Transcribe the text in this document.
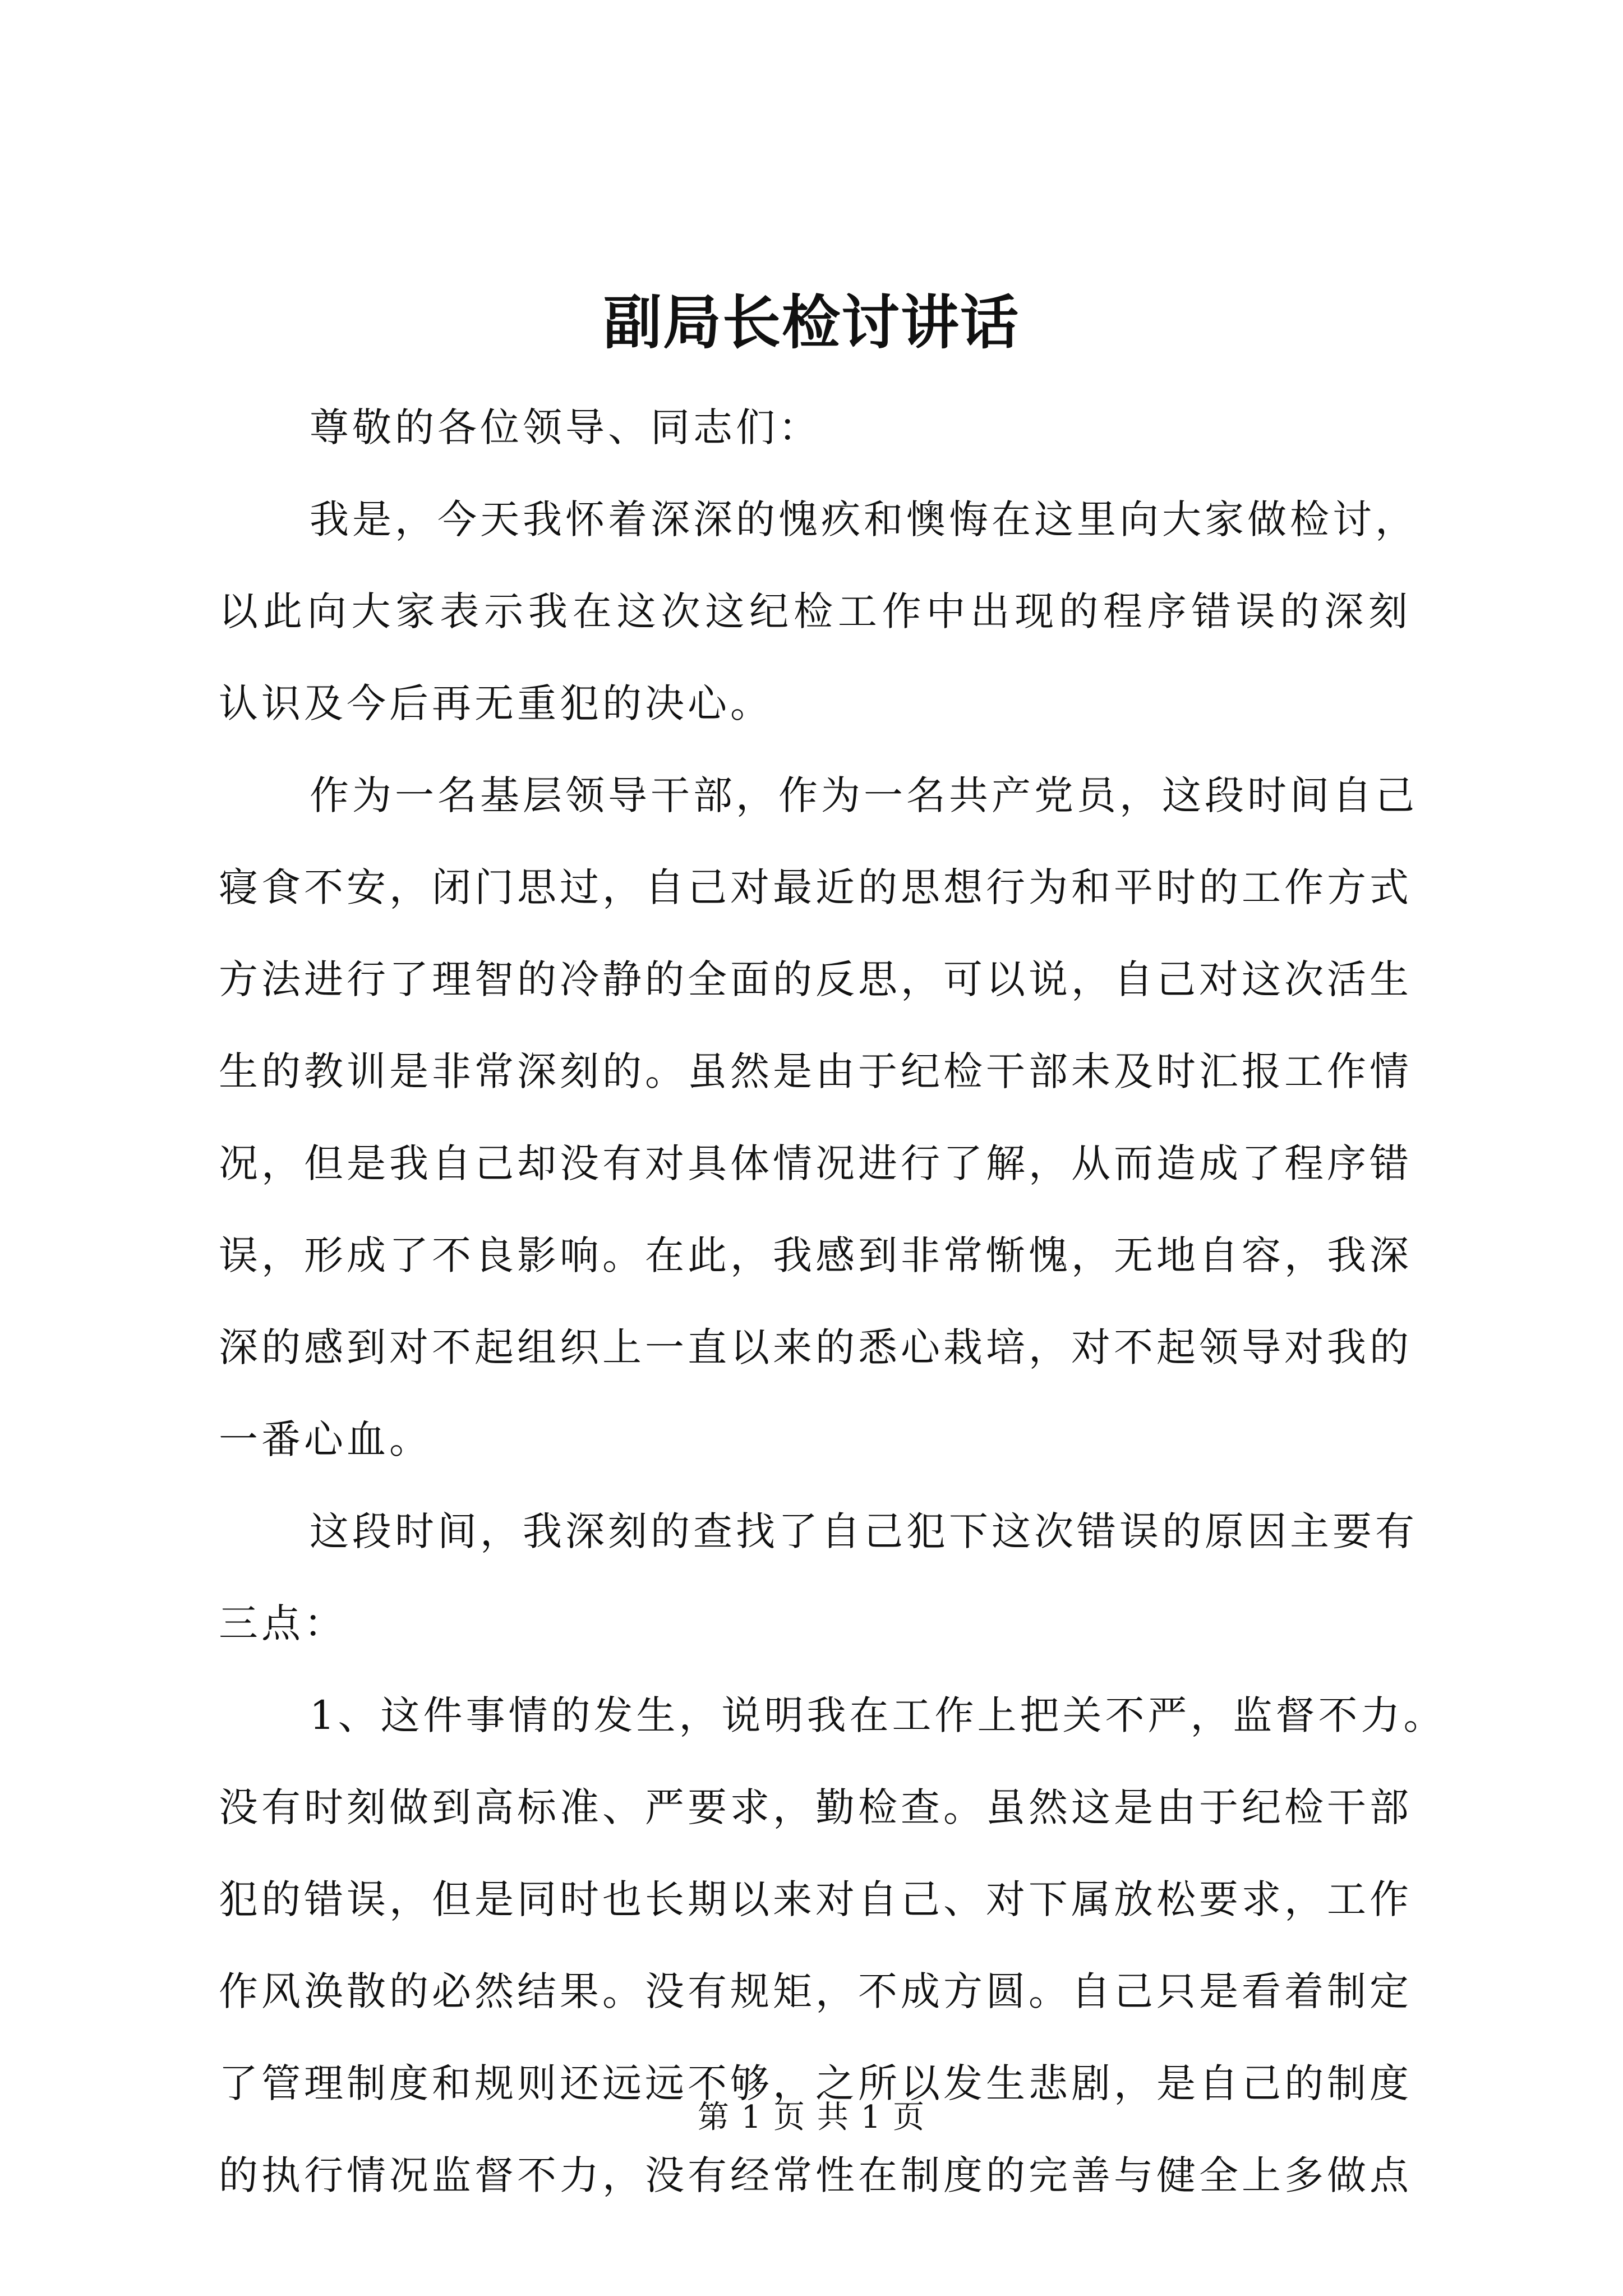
副局长检讨讲话
尊敬的各位领导、同志们：
我是，今天我怀着深深的愧疚和懊悔在这里向大家做检讨，
以此向大家表示我在这次这纪检工作中出现的程序错误的深刻
认识及今后再无重犯的决心。
作为一名基层领导干部，作为一名共产党员，这段时间自己
寝食不安，闭门思过，自己对最近的思想行为和平时的工作方式
方法进行了理智的冷静的全面的反思，可以说，自己对这次活生
生的教训是非常深刻的。虽然是由于纪检干部未及时汇报工作情
况，但是我自己却没有对具体情况进行了解，从而造成了程序错
误，形成了不良影响。在此，我感到非常惭愧，无地自容，我深
深的感到对不起组织上一直以来的悉心栽培，对不起领导对我的
一番心血。
这段时间，我深刻的查找了自己犯下这次错误的原因主要有
三点：
1、这件事情的发生，说明我在工作上把关不严，监督不力。
没有时刻做到高标准、严要求，勤检查。虽然这是由于纪检干部
犯的错误，但是同时也长期以来对自己、对下属放松要求，工作
作风涣散的必然结果。没有规矩，不成方圆。自己只是看着制定
了管理制度和规则还远远不够，之所以发生悲剧，是自己的制度
的执行情况监督不力，没有经常性在制度的完善与健全上多做点
第 1 页 共 1 页
